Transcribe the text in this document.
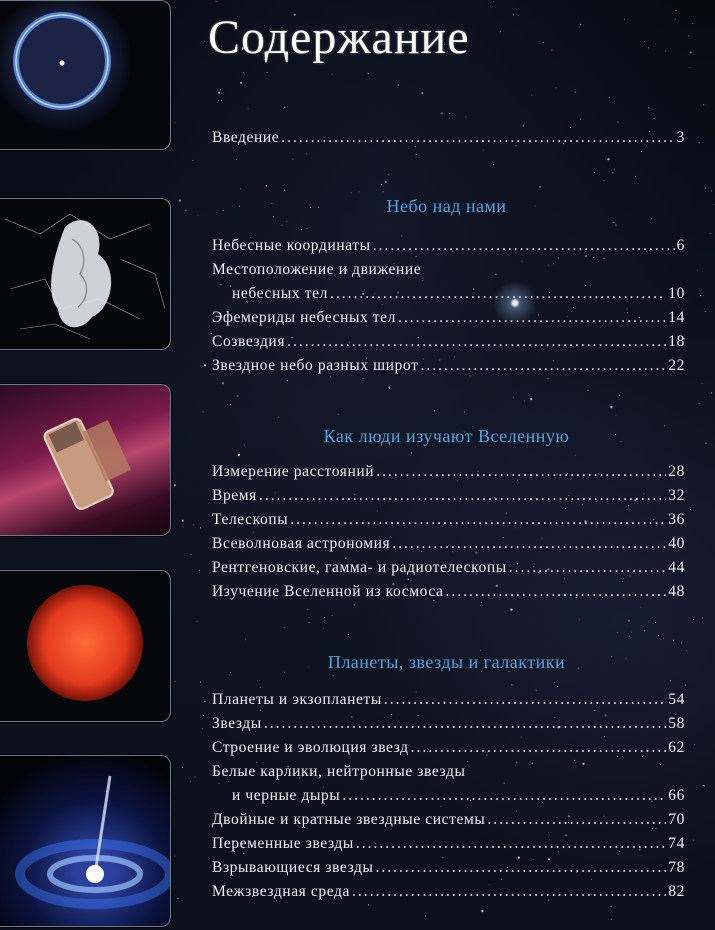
Содержание
Введение .....	3
Небо над нами
Небесные координаты .....	6
Местоположение и движение
небесных тел .....	10
Эфемериды небесных тел .....	14
Созвездия .....	18
Звездное небо разных широт .....	22
Как люди изучают Вселенную
Измерение расстояний .....	28
Время .....	32
Телескопы .....	36
Всеволновая астрономия .....	40
Рентгеновские, гамма- и радиотелескопы .....	44
Изучение Вселенной из космоса .....	48
Планеты, звезды и галактики
Планеты и экзопланеты .....	54
Звезды .....	58
Строение и эволюция звезд .....	62
Белые карлики, нейтронные звезды
и черные дыры .....	66
Двойные и кратные звездные системы .....	70
Переменные звезды .....	74
Взрывающиеся звезды .....	78
Межзвездная среда .....	82
